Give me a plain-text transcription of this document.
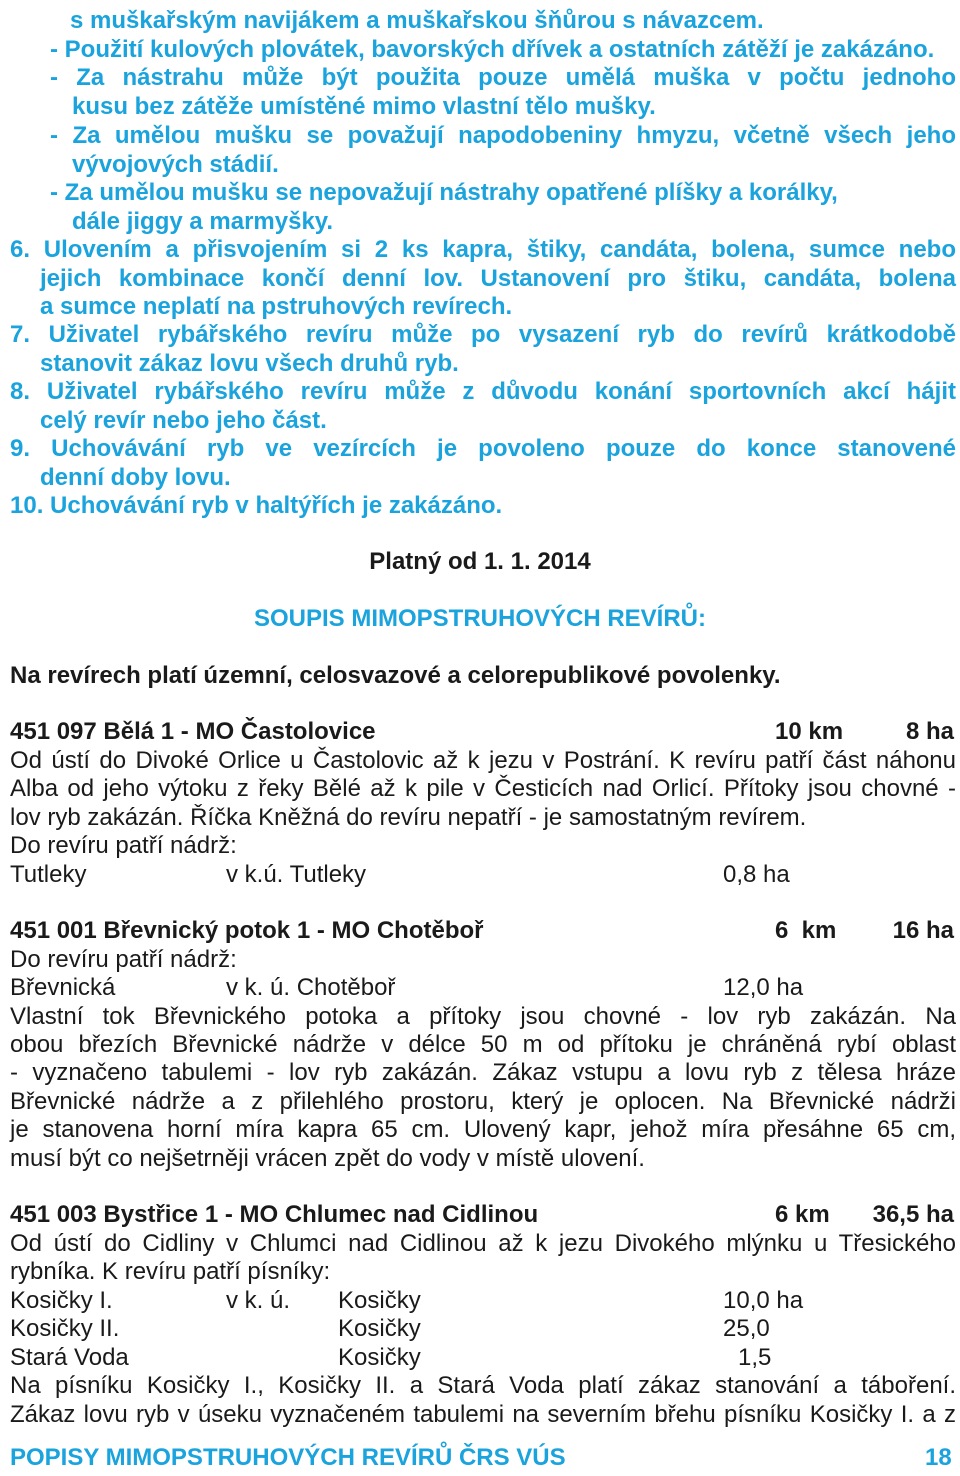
s muškařským navijákem a muškařskou šňůrou s návazcem.
- Použití kulových plovátek, bavorských dřívek a ostatních zátěží je zakázáno.
- Za nástrahu může být použita pouze umělá muška v počtu jednoho
kusu bez zátěže umístěné mimo vlastní tělo mušky.
- Za umělou mušku se považují napodobeniny hmyzu, včetně všech jeho
vývojových stádií.
- Za umělou mušku se nepovažují nástrahy opatřené plíšky a korálky,
dále jiggy a marmyšky.
6. Ulovením a přisvojením si 2 ks kapra, štiky, candáta, bolena, sumce nebo
jejich kombinace končí denní lov. Ustanovení pro štiku, candáta, bolena
a sumce neplatí na pstruhových revírech.
7. Uživatel rybářského revíru může po vysazení ryb do revírů krátkodobě
stanovit zákaz lovu všech druhů ryb.
8. Uživatel rybářského revíru může z důvodu konání sportovních akcí hájit
celý revír nebo jeho část.
9. Uchovávání ryb ve vezírcích je povoleno pouze do konce stanovené
denní doby lovu.
10. Uchovávání ryb v haltýřích je zakázáno.
Platný od 1. 1. 2014
SOUPIS MIMOPSTRUHOVÝCH REVÍRŮ:
Na revírech platí územní, celosvazové a celorepublikové povolenky.
451 097 Bělá 1 - MO Častolovice	10 km	8 ha
Od ústí do Divoké Orlice u Častolovic až k jezu v Postrání. K revíru patří část náhonu
Alba od jeho výtoku z řeky Bělé až k pile v Česticích nad Orlicí. Přítoky jsou chovné -
lov ryb zakázán. Říčka Kněžná do revíru nepatří - je samostatným revírem.
Do revíru patří nádrž:
Tutleky	v k.ú. Tutleky	0,8 ha
451 001 Břevnický potok 1 - MO Chotěboř	6  km	16 ha
Do revíru patří nádrž:
Břevnická	v k. ú. Chotěboř	12,0 ha
Vlastní tok Břevnického potoka a přítoky jsou chovné - lov ryb zakázán. Na
obou březích Břevnické nádrže v délce 50 m od přítoku je chráněná rybí oblast
- vyznačeno tabulemi - lov ryb zakázán. Zákaz vstupu a lovu ryb z tělesa hráze
Břevnické nádrže a z přilehlého prostoru, který je oplocen. Na Břevnické nádrži
je stanovena horní míra kapra 65 cm. Ulovený kapr, jehož míra přesáhne 65 cm,
musí být co nejšetrněji vrácen zpět do vody v místě ulovení.
451 003 Bystřice 1 - MO Chlumec nad Cidlinou	6 km	36,5 ha
Od ústí do Cidliny v Chlumci nad Cidlinou až k jezu Divokého mlýnku u Třesického
rybníka. K revíru patří písníky:
Kosičky I.	v k. ú. Kosičky	10,0 ha
Kosičky II.	Kosičky	25,0
Stará Voda	Kosičky	1,5
Na písníku Kosičky I., Kosičky II. a Stará Voda platí zákaz stanování a táboření.
Zákaz lovu ryb v úseku vyznačeném tabulemi na severním břehu písníku Kosičky I. a z
POPISY MIMOPSTRUHOVÝCH REVÍRŮ ČRS VÚS	18
